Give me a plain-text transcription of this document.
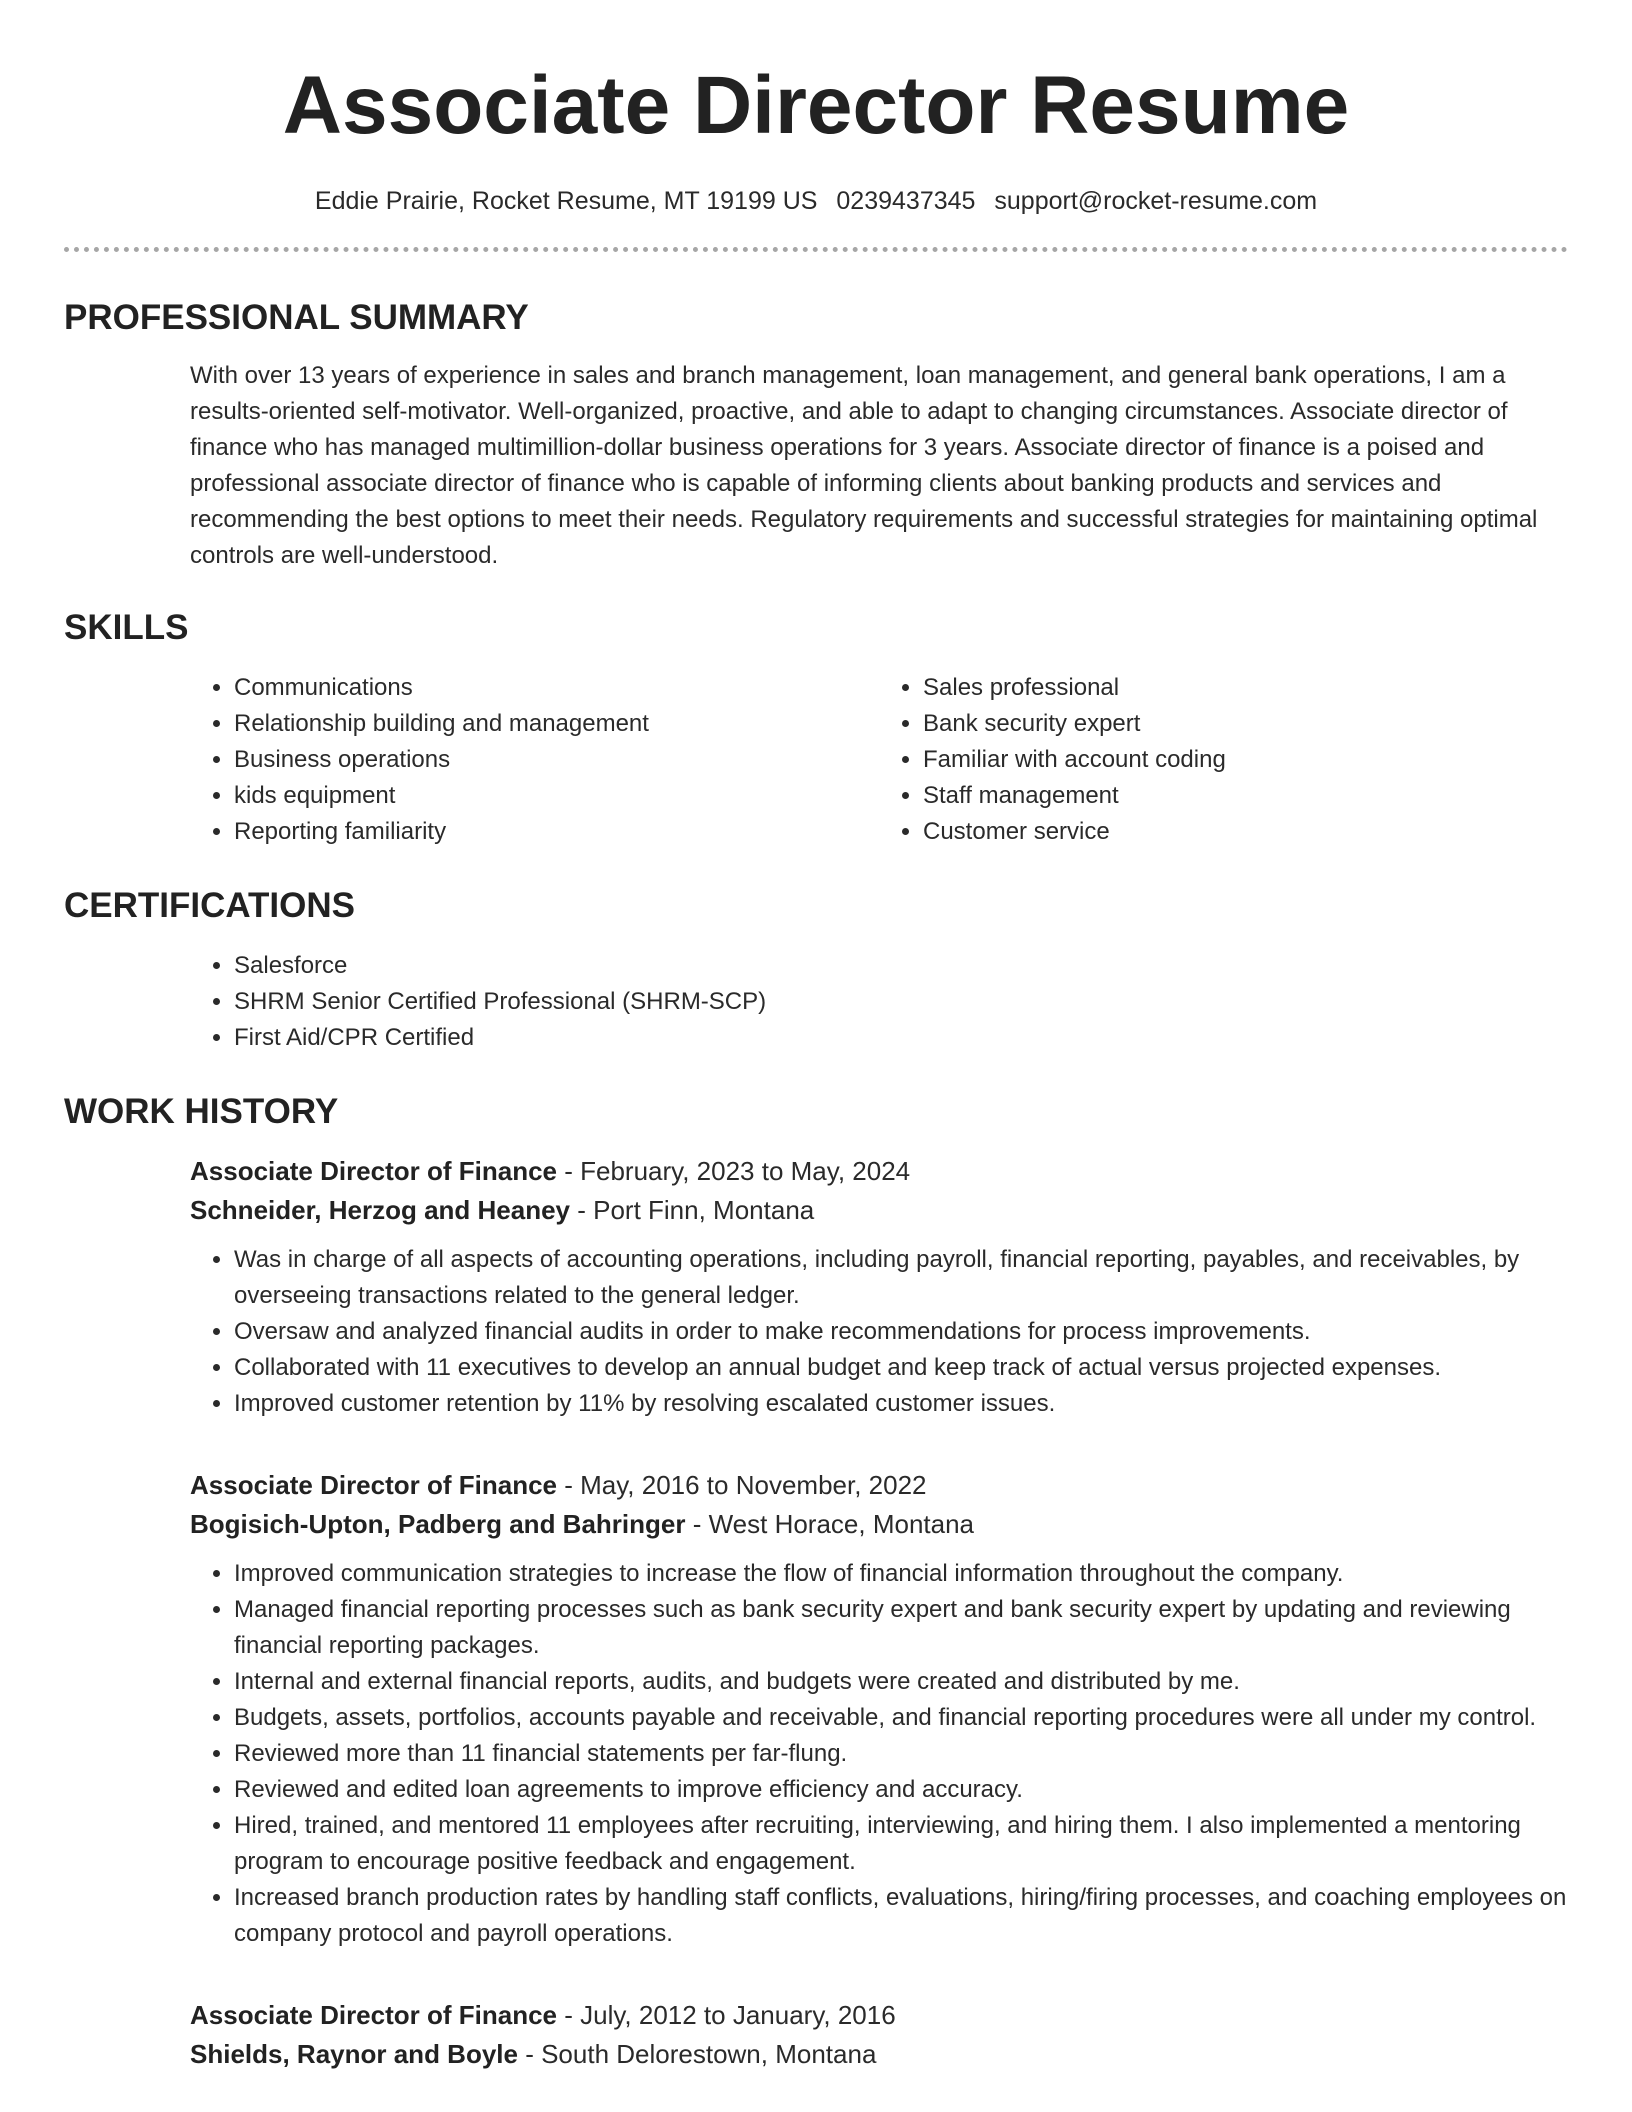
Associate Director Resume
Eddie Prairie, Rocket Resume, MT 19199 US 0239437345 support@rocket-resume.com
PROFESSIONAL SUMMARY

With over 13 years of experience in sales and branch management, loan management, and general bank operations, I am a results-oriented self-motivator. Well-organized, proactive, and able to adapt to changing circumstances. Associate director of finance who has managed multimillion-dollar business operations for 3 years. Associate director of finance is a poised and professional associate director of finance who is capable of informing clients about banking products and services and recommending the best options to meet their needs. Regulatory requirements and successful strategies for maintaining optimal controls are well-understood.

SKILLS
• Communications
• Relationship building and management
• Business operations
• kids equipment
• Reporting familiarity
• Sales professional
• Bank security expert
• Familiar with account coding
• Staff management
• Customer service
CERTIFICATIONS
• Salesforce
• SHRM Senior Certified Professional (SHRM-SCP)
• First Aid/CPR Certified
WORK HISTORY
Associate Director of Finance - February, 2023 to May, 2024
Schneider, Herzog and Heaney - Port Finn, Montana
• Was in charge of all aspects of accounting operations, including payroll, financial reporting, payables, and receivables, by overseeing transactions related to the general ledger.
• Oversaw and analyzed financial audits in order to make recommendations for process improvements.
• Collaborated with 11 executives to develop an annual budget and keep track of actual versus projected expenses.
• Improved customer retention by 11% by resolving escalated customer issues.
Associate Director of Finance - May, 2016 to November, 2022
Bogisich-Upton, Padberg and Bahringer - West Horace, Montana
• Improved communication strategies to increase the flow of financial information throughout the company.
• Managed financial reporting processes such as bank security expert and bank security expert by updating and reviewing financial reporting packages.
• Internal and external financial reports, audits, and budgets were created and distributed by me.
• Budgets, assets, portfolios, accounts payable and receivable, and financial reporting procedures were all under my control.
• Reviewed more than 11 financial statements per far-flung.
• Reviewed and edited loan agreements to improve efficiency and accuracy.
• Hired, trained, and mentored 11 employees after recruiting, interviewing, and hiring them. I also implemented a mentoring program to encourage positive feedback and engagement.
• Increased branch production rates by handling staff conflicts, evaluations, hiring/firing processes, and coaching employees on company protocol and payroll operations.
Associate Director of Finance - July, 2012 to January, 2016
Shields, Raynor and Boyle - South Delorestown, Montana
